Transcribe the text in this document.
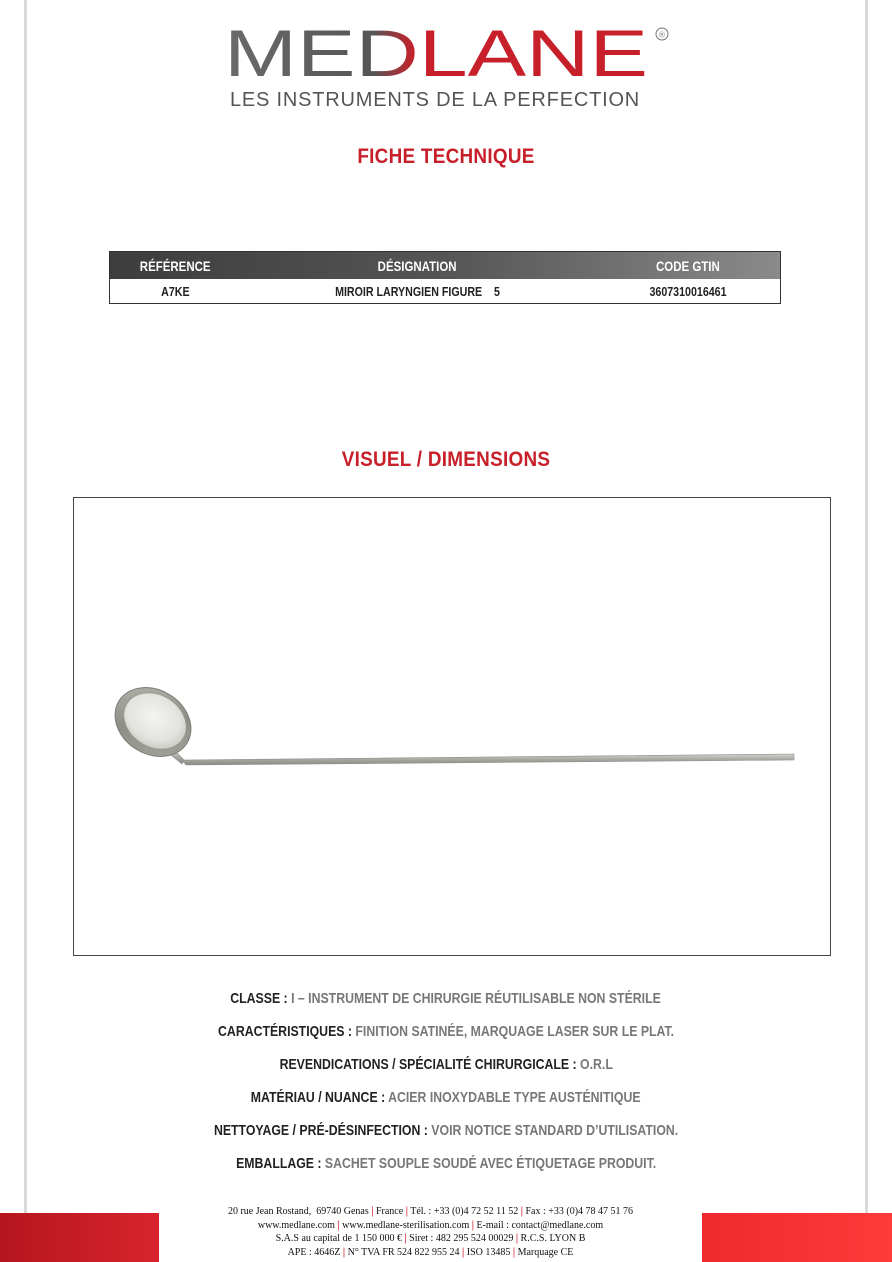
MEDLANE ®
LES INSTRUMENTS DE LA PERFECTION
FICHE TECHNIQUE
RÉFÉRENCE	DÉSIGNATION	CODE GTIN
A7KE	MIROIR LARYNGIEN FIGURE    5	3607310016461
VISUEL / DIMENSIONS
CLASSE : I – INSTRUMENT DE CHIRURGIE RÉUTILISABLE NON STÉRILE
CARACTÉRISTIQUES : FINITION SATINÉE, MARQUAGE LASER SUR LE PLAT.
REVENDICATIONS / SPÉCIALITÉ CHIRURGICALE : O.R.L
MATÉRIAU / NUANCE : ACIER INOXYDABLE TYPE AUSTÉNITIQUE
NETTOYAGE / PRÉ-DÉSINFECTION : VOIR NOTICE STANDARD D’UTILISATION.
EMBALLAGE : SACHET SOUPLE SOUDÉ AVEC ÉTIQUETAGE PRODUIT.
20 rue Jean Rostand,  69740 Genas | France | Tél. : +33 (0)4 72 52 11 52 | Fax : +33 (0)4 78 47 51 76
www.medlane.com | www.medlane-sterilisation.com | E-mail : contact@medlane.com
S.A.S au capital de 1 150 000 € | Siret : 482 295 524 00029 | R.C.S. LYON B
APE : 4646Z | N° TVA FR 524 822 955 24 | ISO 13485 | Marquage CE
